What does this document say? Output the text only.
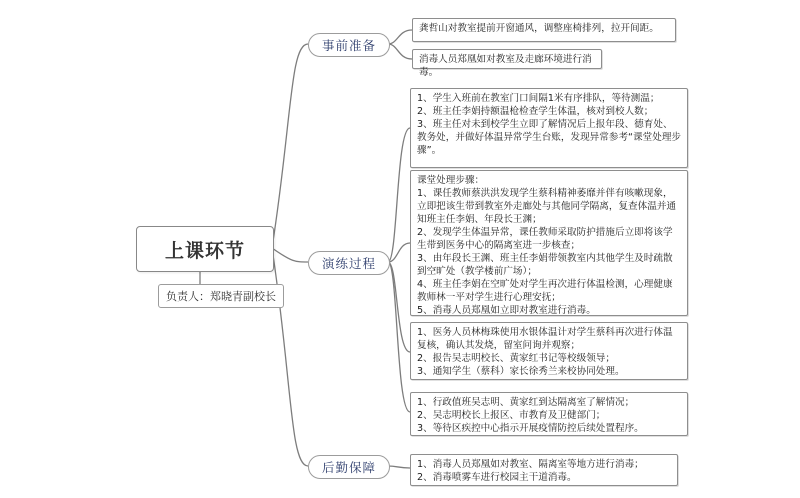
上课环节
负责人：郑晓青副校长
事前准备
演练过程
后勤保障
龚哲山对教室提前开窗通风，调整座椅排列，拉开间距。
消毒人员郑凰如对教室及走廊环境进行消毒。
1、学生入班前在教室门口间隔1米有序排队，等待测温；
2、班主任李娟持额温枪检查学生体温，核对到校人数；
3、班主任对未到校学生立即了解情况后上报年段、德育处、教务处，并做好体温异常学生台账，发现异常参考“课堂处理步骤”。
课堂处理步骤：
1、课任教师蔡洪洪发现学生蔡科精神萎靡并伴有咳嗽现象，立即把该生带到教室外走廊处与其他同学隔离，复查体温并通知班主任李娟、年段长王渊；
2、发现学生体温异常，课任教师采取防护措施后立即将该学生带到医务中心的隔离室进一步核查；
3、由年段长王渊、班主任李娟带领教室内其他学生及时疏散到空旷处（教学楼前广场）；
4、班主任李娟在空旷处对学生再次进行体温检测，心理健康教师林一平对学生进行心理安抚；
5、消毒人员郑凰如立即对教室进行消毒。
1、医务人员林梅珠使用水银体温计对学生蔡科再次进行体温复核，确认其发烧，留室问询并观察；
2、报告吴志明校长、黄家红书记等校级领导；
3、通知学生（蔡科）家长徐秀兰来校协同处理。
1、行政值班吴志明、黄家红到达隔离室了解情况；
2、吴志明校长上报区、市教育及卫健部门；
3、等待区疾控中心指示开展疫情防控后续处置程序。
1、消毒人员郑凰如对教室、隔离室等地方进行消毒；
2、消毒喷雾车进行校园主干道消毒。
